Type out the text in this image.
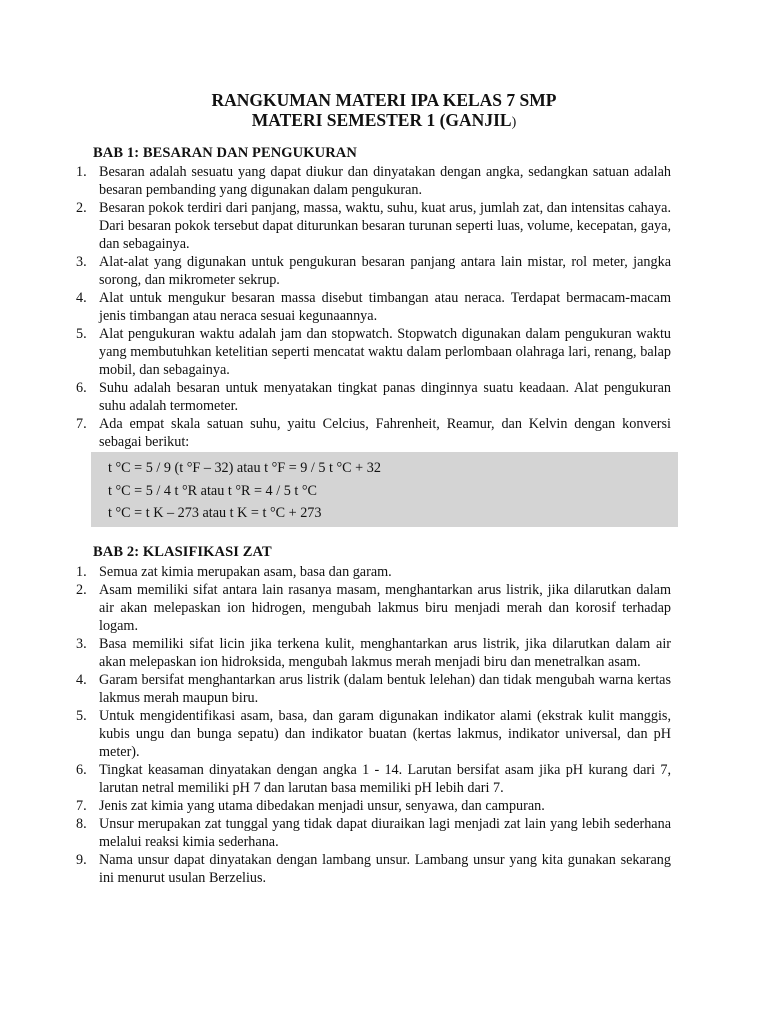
RANGKUMAN MATERI IPA KELAS 7 SMP
MATERI SEMESTER 1 (GANJIL)
BAB 1: BESARAN DAN PENGUKURAN
1. Besaran adalah sesuatu yang dapat diukur dan dinyatakan dengan angka, sedangkan satuan adalah besaran pembanding yang digunakan dalam pengukuran.
2. Besaran pokok terdiri dari panjang, massa, waktu, suhu, kuat arus, jumlah zat, dan intensitas cahaya. Dari besaran pokok tersebut dapat diturunkan besaran turunan seperti luas, volume, kecepatan, gaya, dan sebagainya.
3. Alat-alat yang digunakan untuk pengukuran besaran panjang antara lain mistar, rol meter, jangka sorong, dan mikrometer sekrup.
4. Alat untuk mengukur besaran massa disebut timbangan atau neraca. Terdapat bermacam-macam jenis timbangan atau neraca sesuai kegunaannya.
5. Alat pengukuran waktu adalah jam dan stopwatch. Stopwatch digunakan dalam pengukuran waktu yang membutuhkan ketelitian seperti mencatat waktu dalam perlombaan olahraga lari, renang, balap mobil, dan sebagainya.
6. Suhu adalah besaran untuk menyatakan tingkat panas dinginnya suatu keadaan. Alat pengukuran suhu adalah termometer.
7. Ada empat skala satuan suhu, yaitu Celcius, Fahrenheit, Reamur, dan Kelvin dengan konversi sebagai berikut:
t °C = 5 / 9 (t °F – 32) atau t °F = 9 / 5 t °C + 32
t °C = 5 / 4 t °R atau t °R = 4 / 5 t °C
t °C = t K – 273 atau t K = t °C + 273
BAB 2: KLASIFIKASI ZAT
1. Semua zat kimia merupakan asam, basa dan garam.
2. Asam memiliki sifat antara lain rasanya masam, menghantarkan arus listrik, jika dilarutkan dalam air akan melepaskan ion hidrogen, mengubah lakmus biru menjadi merah dan korosif terhadap logam.
3. Basa memiliki sifat licin jika terkena kulit, menghantarkan arus listrik, jika dilarutkan dalam air akan melepaskan ion hidroksida, mengubah lakmus merah menjadi biru dan menetralkan asam.
4. Garam bersifat menghantarkan arus listrik (dalam bentuk lelehan) dan tidak mengubah warna kertas lakmus merah maupun biru.
5. Untuk mengidentifikasi asam, basa, dan garam digunakan indikator alami (ekstrak kulit manggis, kubis ungu dan bunga sepatu) dan indikator buatan (kertas lakmus, indikator universal, dan pH meter).
6. Tingkat keasaman dinyatakan dengan angka 1 - 14. Larutan bersifat asam jika pH kurang dari 7, larutan netral memiliki pH 7 dan larutan basa memiliki pH lebih dari 7.
7. Jenis zat kimia yang utama dibedakan menjadi unsur, senyawa, dan campuran.
8. Unsur merupakan zat tunggal yang tidak dapat diuraikan lagi menjadi zat lain yang lebih sederhana melalui reaksi kimia sederhana.
9. Nama unsur dapat dinyatakan dengan lambang unsur. Lambang unsur yang kita gunakan sekarang ini menurut usulan Berzelius.
